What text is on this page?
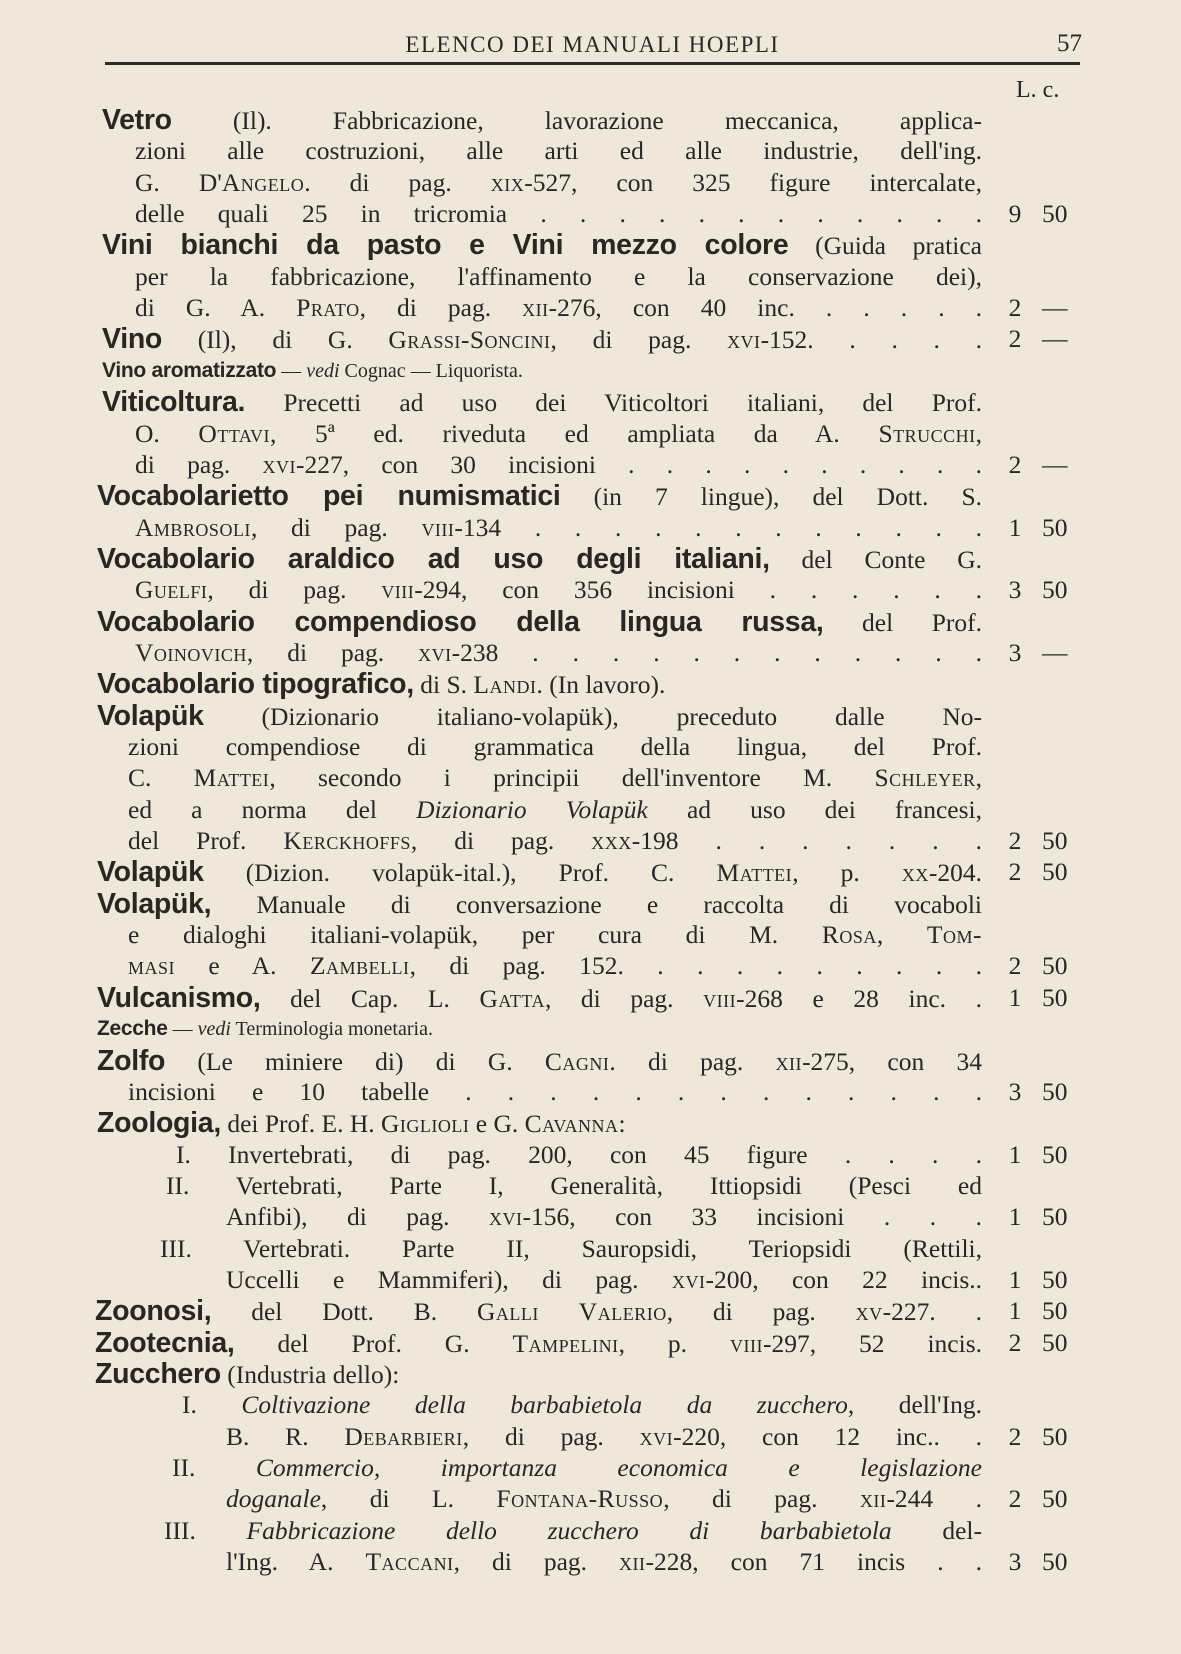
ELENCO DEI MANUALI HOEPLI	57
L. c.
Vetro (Il). Fabbricazione, lavorazione meccanica, applica-
zioni alle costruzioni, alle arti ed alle industrie, dell'ing.
G. D'Angelo. di pag. xix-527, con 325 figure intercalate,
delle quali 25 in tricromia . . . . . . . . . . . . 9 50
Vini bianchi da pasto e Vini mezzo colore (Guida pratica
per la fabbricazione, l'affinamento e la conservazione dei),
di G. A. Prato, di pag. xii-276, con 40 inc. . . . . . 2 —
Vino (Il), di G. Grassi-Soncini, di pag. xvi-152. . . . . 2 —
Vino aromatizzato — vedi Cognac — Liquorista.
Viticoltura. Precetti ad uso dei Viticoltori italiani, del Prof.
O. Ottavi, 5ª ed. riveduta ed ampliata da A. Strucchi,
di pag. xvi-227, con 30 incisioni . . . . . . . . . . 2 —
Vocabolarietto pei numismatici (in 7 lingue), del Dott. S.
Ambrosoli, di pag. viii-134 . . . . . . . . . . . . 1 50
Vocabolario araldico ad uso degli italiani, del Conte G.
Guelfi, di pag. viii-294, con 356 incisioni . . . . . . 3 50
Vocabolario compendioso della lingua russa, del Prof.
Voinovich, di pag. xvi-238 . . . . . . . . . . . . 3 —
Vocabolario tipografico, di S. Landi. (In lavoro).
Volapük (Dizionario italiano-volapük), preceduto dalle No-
zioni compendiose di grammatica della lingua, del Prof.
C. Mattei, secondo i principii dell'inventore M. Schleyer,
ed a norma del Dizionario Volapük ad uso dei francesi,
del Prof. Kerckhoffs, di pag. xxx-198 . . . . . . . 2 50
Volapük (Dizion. volapük-ital.), Prof. C. Mattei, p. xx-204. 2 50
Volapük, Manuale di conversazione e raccolta di vocaboli
e dialoghi italiani-volapük, per cura di M. Rosa, Tom-
masi e A. Zambelli, di pag. 152. . . . . . . . . . 2 50
Vulcanismo, del Cap. L. Gatta, di pag. viii-268 e 28 inc. . 1 50
Zecche — vedi Terminologia monetaria.
Zolfo (Le miniere di) di G. Cagni. di pag. xii-275, con 34
incisioni e 10 tabelle . . . . . . . . . . . . . 3 50
Zoologia, dei Prof. E. H. Giglioli e G. Cavanna:
I. Invertebrati, di pag. 200, con 45 figure . . . . 1 50
II. Vertebrati, Parte I, Generalità, Ittiopsidi (Pesci ed
Anfibi), di pag. xvi-156, con 33 incisioni . . . 1 50
III. Vertebrati. Parte II, Sauropsidi, Teriopsidi (Rettili,
Uccelli e Mammiferi), di pag. xvi-200, con 22 incis.. 1 50
Zoonosi, del Dott. B. Galli Valerio, di pag. xv-227. . 1 50
Zootecnia, del Prof. G. Tampelini, p. viii-297, 52 incis. 2 50
Zucchero (Industria dello):
I. Coltivazione della barbabietola da zucchero, dell'Ing.
B. R. Debarbieri, di pag. xvi-220, con 12 inc.. . 2 50
II. Commercio, importanza economica e legislazione
doganale, di L. Fontana-Russo, di pag. xii-244 . 2 50
III. Fabbricazione dello zucchero di barbabietola del-
l'Ing. A. Taccani, di pag. xii-228, con 71 incis . . 3 50
